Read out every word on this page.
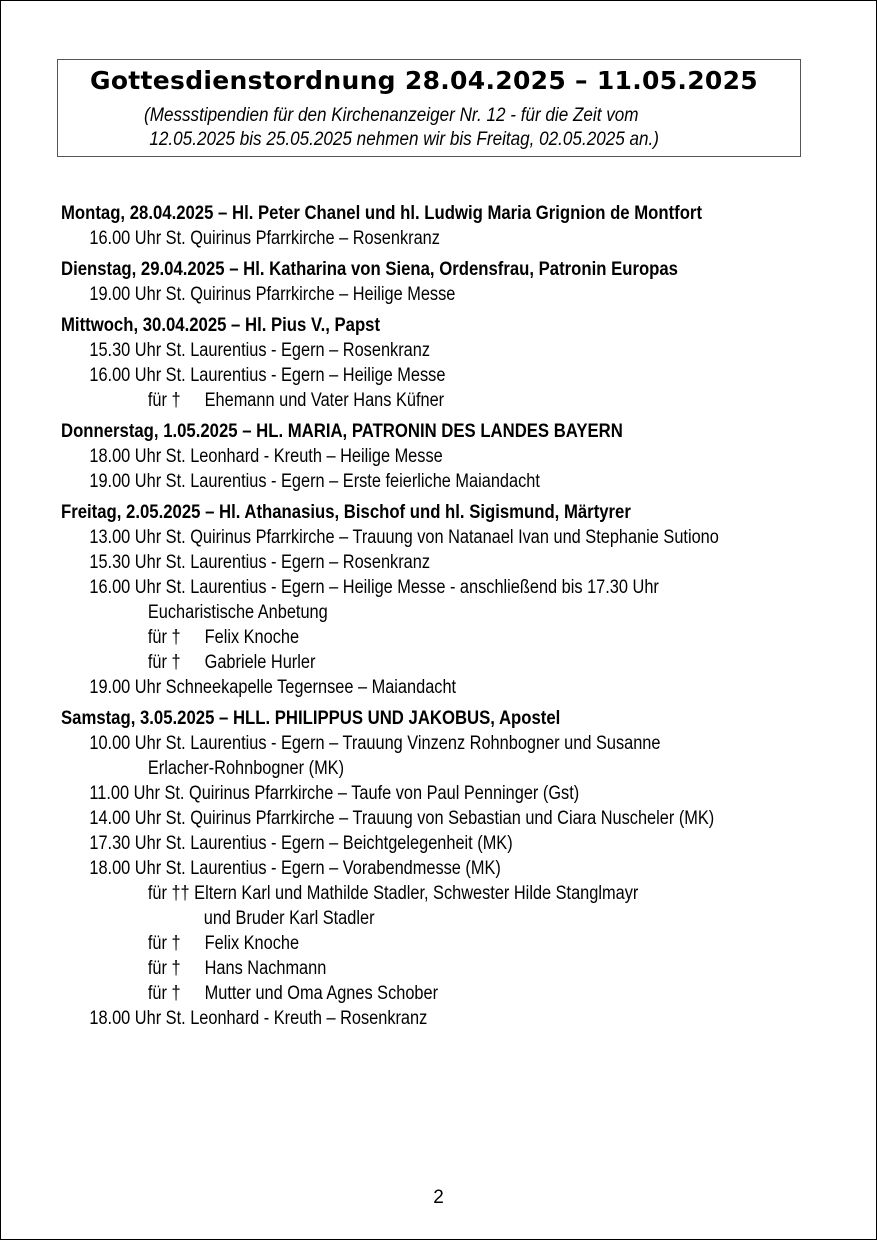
Gottesdienstordnung 28.04.2025 – 11.05.2025
(Messstipendien für den Kirchenanzeiger Nr. 12 - für die Zeit vom
12.05.2025 bis 25.05.2025 nehmen wir bis Freitag, 02.05.2025 an.)
Montag, 28.04.2025 – Hl. Peter Chanel und hl. Ludwig Maria Grignion de Montfort
16.00 Uhr St. Quirinus Pfarrkirche – Rosenkranz
Dienstag, 29.04.2025 – Hl. Katharina von Siena, Ordensfrau, Patronin Europas
19.00 Uhr St. Quirinus Pfarrkirche – Heilige Messe
Mittwoch, 30.04.2025 – Hl. Pius V., Papst
15.30 Uhr St. Laurentius - Egern – Rosenkranz
16.00 Uhr St. Laurentius - Egern – Heilige Messe
für † Ehemann und Vater Hans Küfner
Donnerstag, 1.05.2025 – HL. MARIA, PATRONIN DES LANDES BAYERN
18.00 Uhr St. Leonhard - Kreuth – Heilige Messe
19.00 Uhr St. Laurentius - Egern – Erste feierliche Maiandacht
Freitag, 2.05.2025 – Hl. Athanasius, Bischof und hl. Sigismund, Märtyrer
13.00 Uhr St. Quirinus Pfarrkirche – Trauung von Natanael Ivan und Stephanie Sutiono
15.30 Uhr St. Laurentius - Egern – Rosenkranz
16.00 Uhr St. Laurentius - Egern – Heilige Messe - anschließend bis 17.30 Uhr
Eucharistische Anbetung
für † Felix Knoche
für † Gabriele Hurler
19.00 Uhr Schneekapelle Tegernsee – Maiandacht
Samstag, 3.05.2025 – HLL. PHILIPPUS UND JAKOBUS, Apostel
10.00 Uhr St. Laurentius - Egern – Trauung Vinzenz Rohnbogner und Susanne
Erlacher-Rohnbogner (MK)
11.00 Uhr St. Quirinus Pfarrkirche – Taufe von Paul Penninger (Gst)
14.00 Uhr St. Quirinus Pfarrkirche – Trauung von Sebastian und Ciara Nuscheler (MK)
17.30 Uhr St. Laurentius - Egern – Beichtgelegenheit (MK)
18.00 Uhr St. Laurentius - Egern – Vorabendmesse (MK)
für †† Eltern Karl und Mathilde Stadler, Schwester Hilde Stanglmayr
und Bruder Karl Stadler
für † Felix Knoche
für † Hans Nachmann
für † Mutter und Oma Agnes Schober
18.00 Uhr St. Leonhard - Kreuth – Rosenkranz
2
